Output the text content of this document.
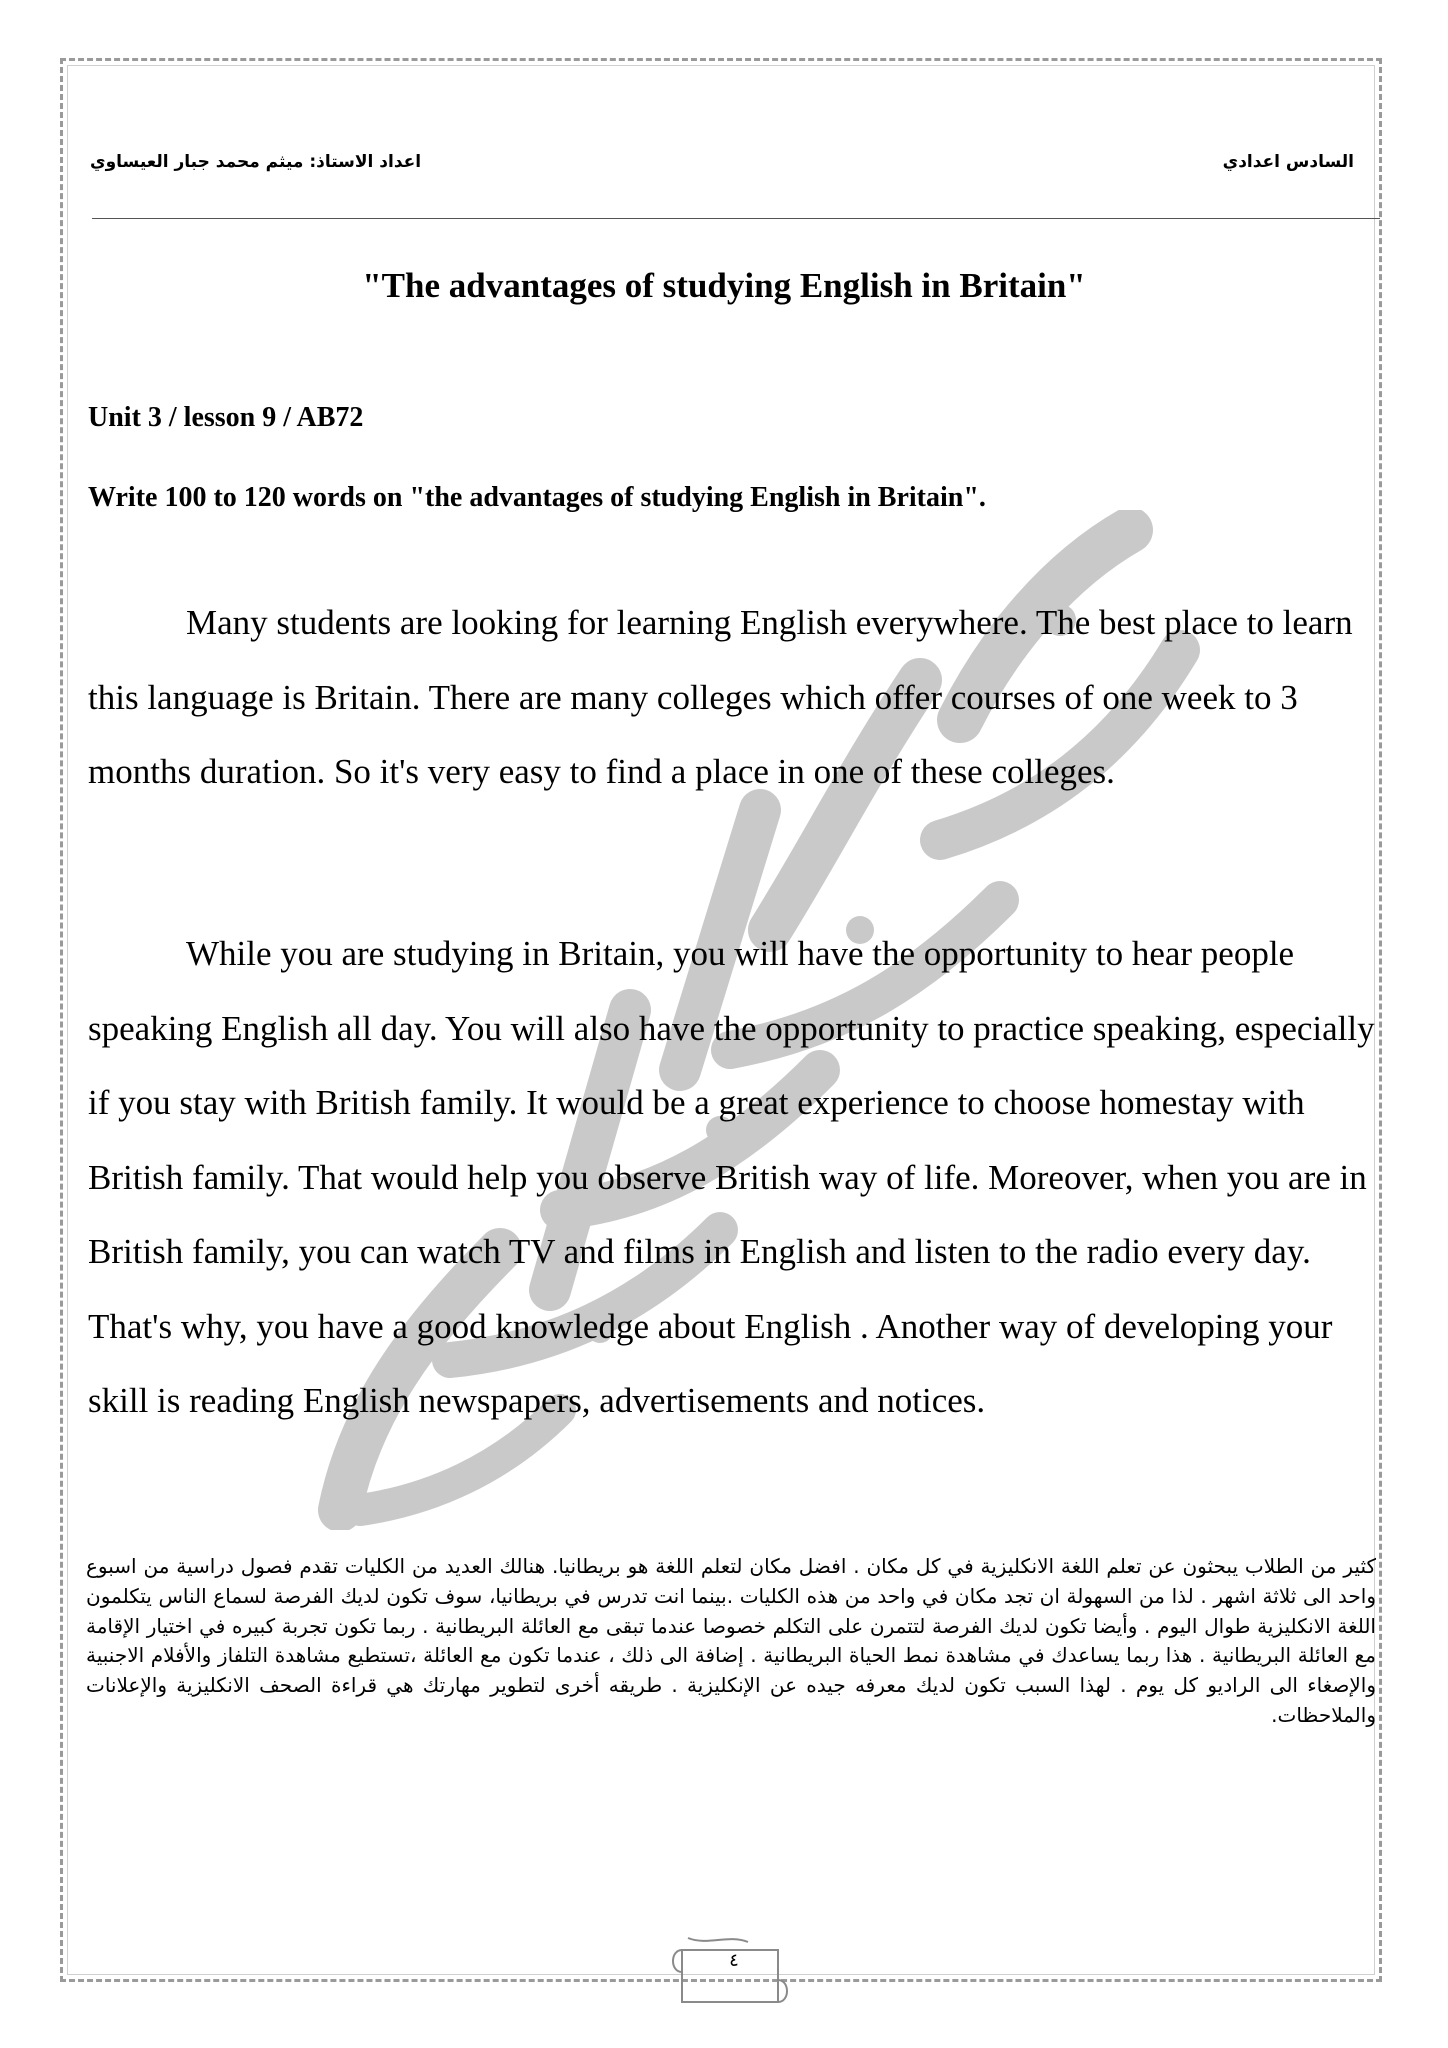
السادس اعدادي
اعداد الاستاذ: ميثم محمد جبار العيساوي
"The advantages of studying English in Britain"
Unit 3 / lesson 9 / AB72
Write 100 to 120 words on "the advantages of studying English in Britain".

Many students are looking for learning English everywhere. The best place to learn this language is Britain. There are many colleges which offer courses of one week to 3 months duration. So it's very easy to find a place in one of these colleges.

While you are studying in Britain, you will have the opportunity to hear people speaking English all day. You will also have the opportunity to practice speaking, especially if you stay with British family. It would be a great experience to choose homestay with British family. That would help you observe British way of life. Moreover, when you are in British family, you can watch TV and films in English and listen to the radio every day. That's why, you have a good knowledge about English . Another way of developing your skill is reading English newspapers, advertisements and notices.

كثير من الطلاب يبحثون عن تعلم اللغة الانكليزية في كل مكان . افضل مكان لتعلم اللغة هو بريطانيا. هنالك العديد من الكليات تقدم فصول دراسية من اسبوع واحد الى ثلاثة اشهر . لذا من السهولة ان تجد مكان في واحد من هذه الكليات .بينما انت تدرس في بريطانيا، سوف تكون لديك الفرصة لسماع الناس يتكلمون اللغة الانكليزية طوال اليوم . وأيضا تكون لديك الفرصة لتتمرن على التكلم خصوصا عندما تبقى مع العائلة البريطانية . ربما تكون تجربة كبيره في اختيار الإقامة مع العائلة البريطانية . هذا ربما يساعدك في مشاهدة نمط الحياة البريطانية . إضافة الى ذلك ، عندما تكون مع العائلة ،تستطيع مشاهدة التلفاز والأفلام الاجنبية والإصغاء الى الراديو كل يوم . لهذا السبب تكون لديك معرفه جيده عن الإنكليزية . طريقه أخرى لتطوير مهارتك هي قراءة الصحف الانكليزية والإعلانات والملاحظات.
٤
